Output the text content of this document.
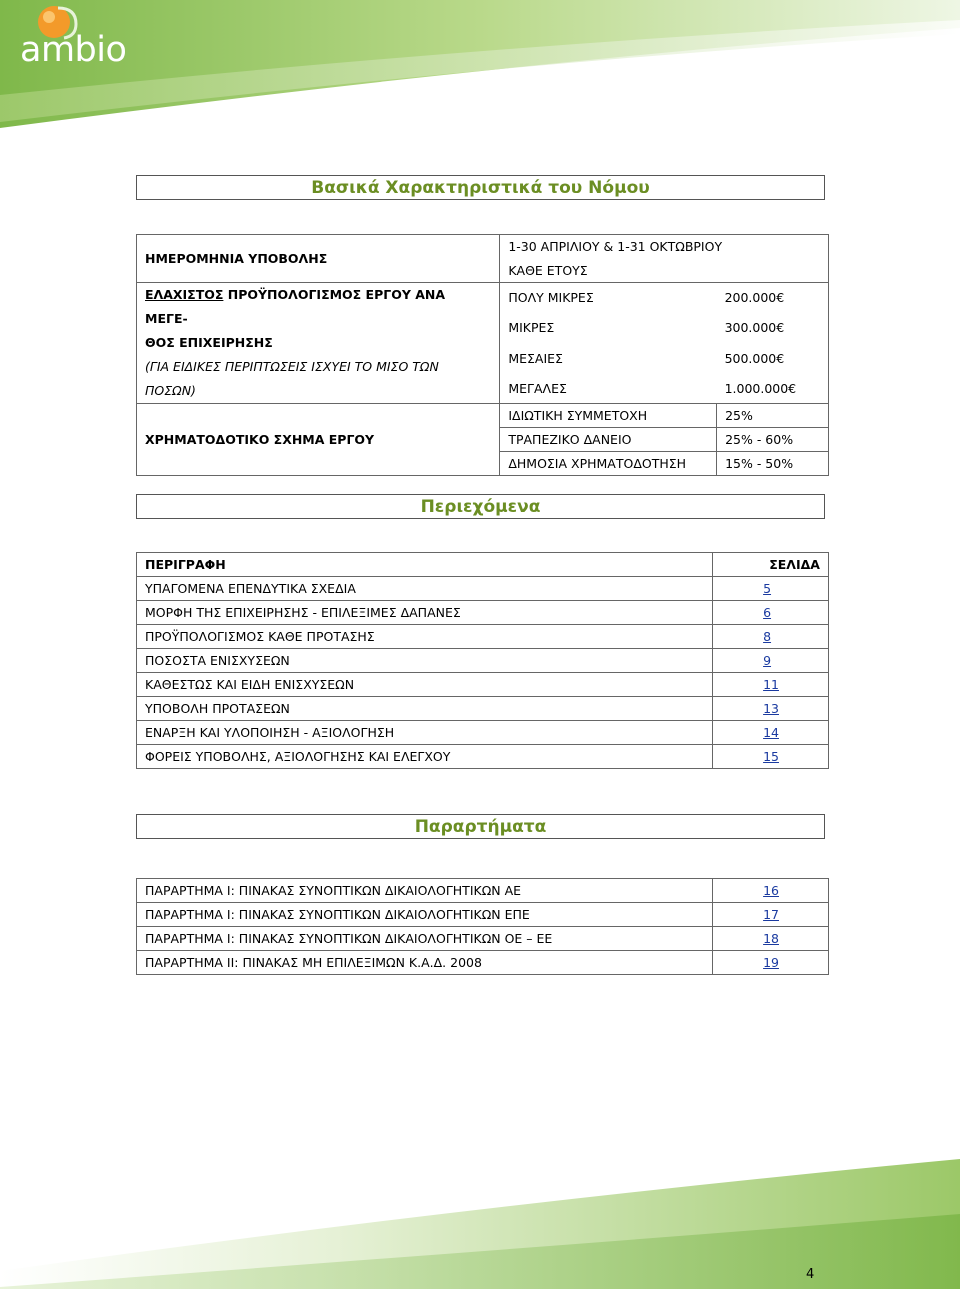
ambio
Βασικά Χαρακτηριστικά του Νόμου
ΗΜΕΡΟΜΗΝΙΑ ΥΠΟΒΟΛΗΣ	1-30 ΑΠΡΙΛΙΟΥ & 1-31 ΟΚΤΩΒΡΙΟΥ	
	ΚΑΘΕ ΕΤΟΥΣ	
ΕΛΑΧΙΣΤΟΣ ΠΡΟΫΠΟΛΟΓΙΣΜΟΣ ΕΡΓΟΥ ΑΝΑ ΜΕΓΕ-
ΘΟΣ ΕΠΙΧΕΙΡΗΣΗΣ
(ΓΙΑ ΕΙΔΙΚΕΣ ΠΕΡΙΠΤΩΣΕΙΣ ΙΣΧΥΕΙ ΤΟ ΜΙΣΟ ΤΩΝ ΠΟΣΩΝ)	ΠΟΛΥ ΜΙΚΡΕΣ	200.000€
	ΜΙΚΡΕΣ	300.000€
	ΜΕΣΑΙΕΣ	500.000€
	ΜΕΓΑΛΕΣ	1.000.000€
ΧΡΗΜΑΤΟΔΟΤΙΚΟ ΣΧΗΜΑ ΕΡΓΟΥ	ΙΔΙΩΤΙΚΗ ΣΥΜΜΕΤΟΧΗ	25%
	ΤΡΑΠΕΖΙΚΟ ΔΑΝΕΙΟ	25% - 60%
	ΔΗΜΟΣΙΑ ΧΡΗΜΑΤΟΔΟΤΗΣΗ	15% - 50%
Περιεχόμενα
ΠΕΡΙΓΡΑΦΗ	ΣΕΛΙΔΑ
ΥΠΑΓΟΜΕΝΑ ΕΠΕΝΔΥΤΙΚΑ ΣΧΕΔΙΑ	5
ΜΟΡΦΗ ΤΗΣ ΕΠΙΧΕΙΡΗΣΗΣ - ΕΠΙΛΕΞΙΜΕΣ ΔΑΠΑΝΕΣ	6
ΠΡΟΫΠΟΛΟΓΙΣΜΟΣ ΚΑΘΕ ΠΡΟΤΑΣΗΣ	8
ΠΟΣΟΣΤΑ ΕΝΙΣΧΥΣΕΩΝ	9
ΚΑΘΕΣΤΩΣ ΚΑΙ ΕΙΔΗ ΕΝΙΣΧΥΣΕΩΝ	11
ΥΠΟΒΟΛΗ ΠΡΟΤΑΣΕΩΝ	13
ΕΝΑΡΞΗ ΚΑΙ ΥΛΟΠΟΙΗΣΗ - ΑΞΙΟΛΟΓΗΣΗ	14
ΦΟΡΕΙΣ ΥΠΟΒΟΛΗΣ, ΑΞΙΟΛΟΓΗΣΗΣ ΚΑΙ ΕΛΕΓΧΟΥ	15
Παραρτήματα
ΠΑΡΑΡΤΗΜΑ Ι: ΠΙΝΑΚΑΣ ΣΥΝΟΠΤΙΚΩΝ ΔΙΚΑΙΟΛΟΓΗΤΙΚΩΝ ΑΕ	16
ΠΑΡΑΡΤΗΜΑ Ι: ΠΙΝΑΚΑΣ ΣΥΝΟΠΤΙΚΩΝ ΔΙΚΑΙΟΛΟΓΗΤΙΚΩΝ ΕΠΕ	17
ΠΑΡΑΡΤΗΜΑ Ι: ΠΙΝΑΚΑΣ ΣΥΝΟΠΤΙΚΩΝ ΔΙΚΑΙΟΛΟΓΗΤΙΚΩΝ ΟΕ – ΕΕ	18
ΠΑΡΑΡΤΗΜΑ ΙΙ: ΠΙΝΑΚΑΣ ΜΗ ΕΠΙΛΕΞΙΜΩΝ Κ.Α.Δ. 2008	19
4
